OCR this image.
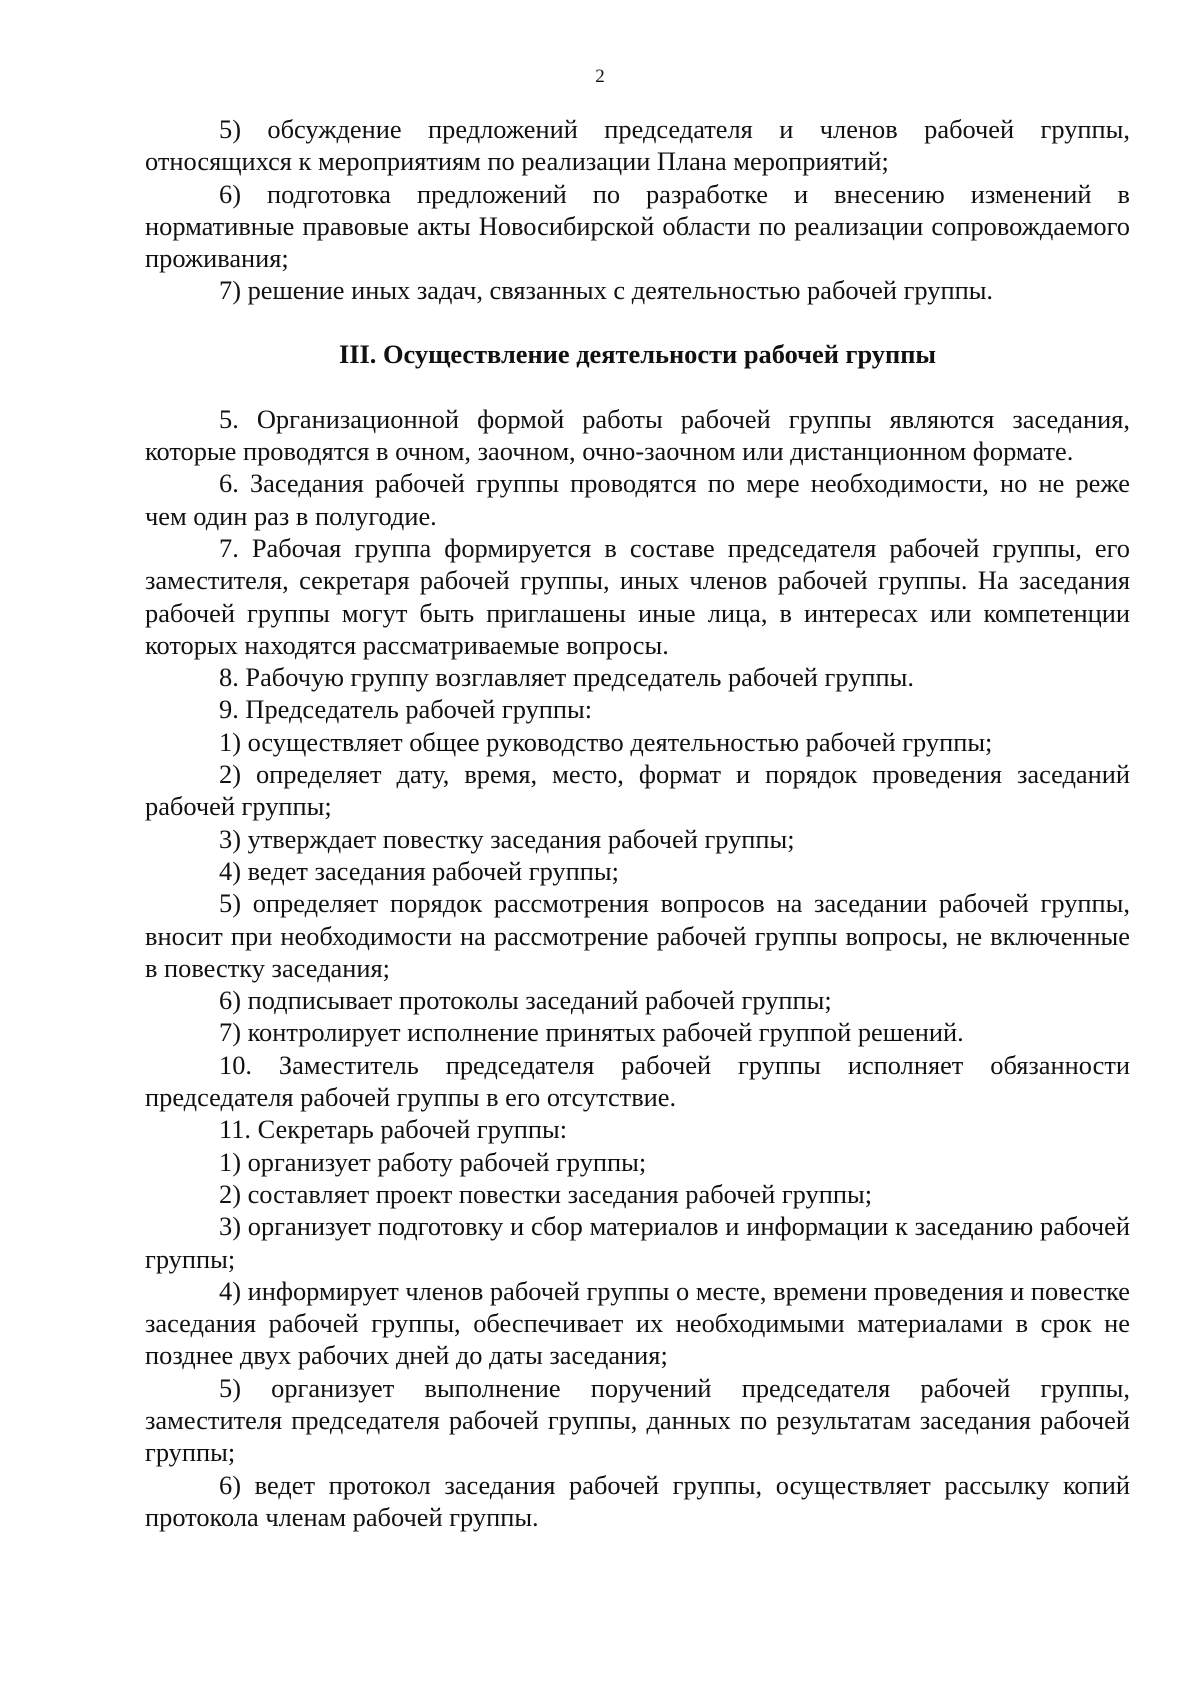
2

5) обсуждение предложений председателя и членов рабочей группы, относящихся к мероприятиям по реализации Плана мероприятий;

6) подготовка предложений по разработке и внесению изменений в нормативные правовые акты Новосибирской области по реализации сопровождаемого проживания;

7) решение иных задач, связанных с деятельностью рабочей группы.

III. Осуществление деятельности рабочей группы

5. Организационной формой работы рабочей группы являются заседания, которые проводятся в очном, заочном, очно-заочном или дистанционном формате.

6. Заседания рабочей группы проводятся по мере необходимости, но не реже чем один раз в полугодие.

7. Рабочая группа формируется в составе председателя рабочей группы, его заместителя, секретаря рабочей группы, иных членов рабочей группы. На заседания рабочей группы могут быть приглашены иные лица, в интересах или компетенции которых находятся рассматриваемые вопросы.

8. Рабочую группу возглавляет председатель рабочей группы.

9. Председатель рабочей группы:

1) осуществляет общее руководство деятельностью рабочей группы;

2) определяет дату, время, место, формат и порядок проведения заседаний рабочей группы;

3) утверждает повестку заседания рабочей группы;

4) ведет заседания рабочей группы;

5) определяет порядок рассмотрения вопросов на заседании рабочей группы, вносит при необходимости на рассмотрение рабочей группы вопросы, не включенные в повестку заседания;

6) подписывает протоколы заседаний рабочей группы;

7) контролирует исполнение принятых рабочей группой решений.

10. Заместитель председателя рабочей группы исполняет обязанности председателя рабочей группы в его отсутствие.

11. Секретарь рабочей группы:

1) организует работу рабочей группы;

2) составляет проект повестки заседания рабочей группы;

3) организует подготовку и сбор материалов и информации к заседанию рабочей группы;

4) информирует членов рабочей группы о месте, времени проведения и повестке заседания рабочей группы, обеспечивает их необходимыми материалами в срок не позднее двух рабочих дней до даты заседания;

5) организует выполнение поручений председателя рабочей группы, заместителя председателя рабочей группы, данных по результатам заседания рабочей группы;

6) ведет протокол заседания рабочей группы, осуществляет рассылку копий протокола членам рабочей группы.
